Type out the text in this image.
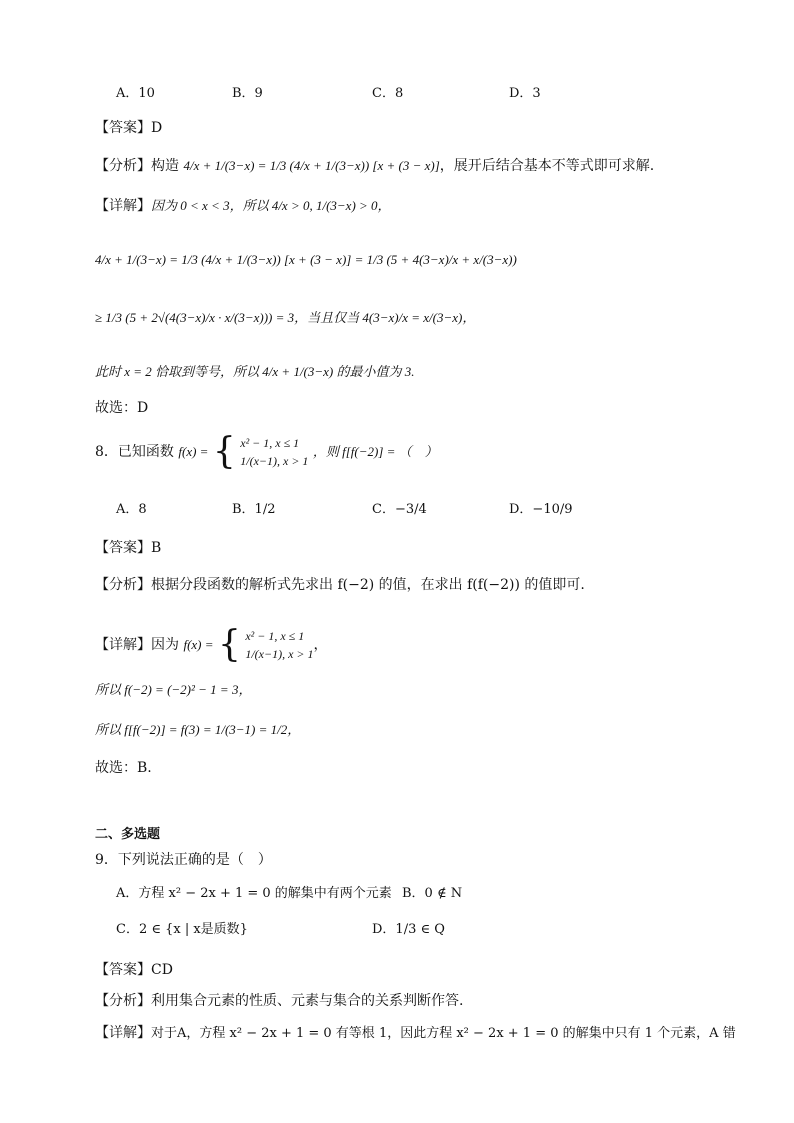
A．10	B．9	C．8	D．3
【答案】D
【分析】构造 4/x + 1/(3−x) = 1/3 (4/x + 1/(3−x)) [x + (3 − x)]，展开后结合基本不等式即可求解.
【详解】因为 0 < x < 3，所以 4/x > 0, 1/(3−x) > 0，
4/x + 1/(3−x) = 1/3 (4/x + 1/(3−x)) [x + (3 − x)] = 1/3 (5 + 4(3−x)/x + x/(3−x))
≥ 1/3 (5 + 2√(4(3−x)/x · x/(3−x))) = 3，当且仅当 4(3−x)/x = x/(3−x)，
此时 x = 2 恰取到等号，所以 4/x + 1/(3−x) 的最小值为 3.
故选：D
8．已知函数 f(x) = { x² − 1, x ≤ 1
1/(x−1), x > 1
，则 f[f(−2)] = （　）
A．8	B．1/2	C．−3/4	D．−10/9
【答案】B
【分析】根据分段函数的解析式先求出 f(−2) 的值，在求出 f(f(−2)) 的值即可.
【详解】因为 f(x) = { x² − 1, x ≤ 1
1/(x−1), x > 1
，
所以 f(−2) = (−2)² − 1 = 3，
所以 f[f(−2)] = f(3) = 1/(3−1) = 1/2，
故选：B.
二、多选题
9．下列说法正确的是（　）
A．方程 x² − 2x + 1 = 0 的解集中有两个元素 B．0 ∉ N
C．2 ∈ {x | x是质数}	D．1/3 ∈ Q
【答案】CD
【分析】利用集合元素的性质、元素与集合的关系判断作答.
【详解】对于A，方程 x² − 2x + 1 = 0 有等根 1，因此方程 x² − 2x + 1 = 0 的解集中只有 1 个元素，A 错
